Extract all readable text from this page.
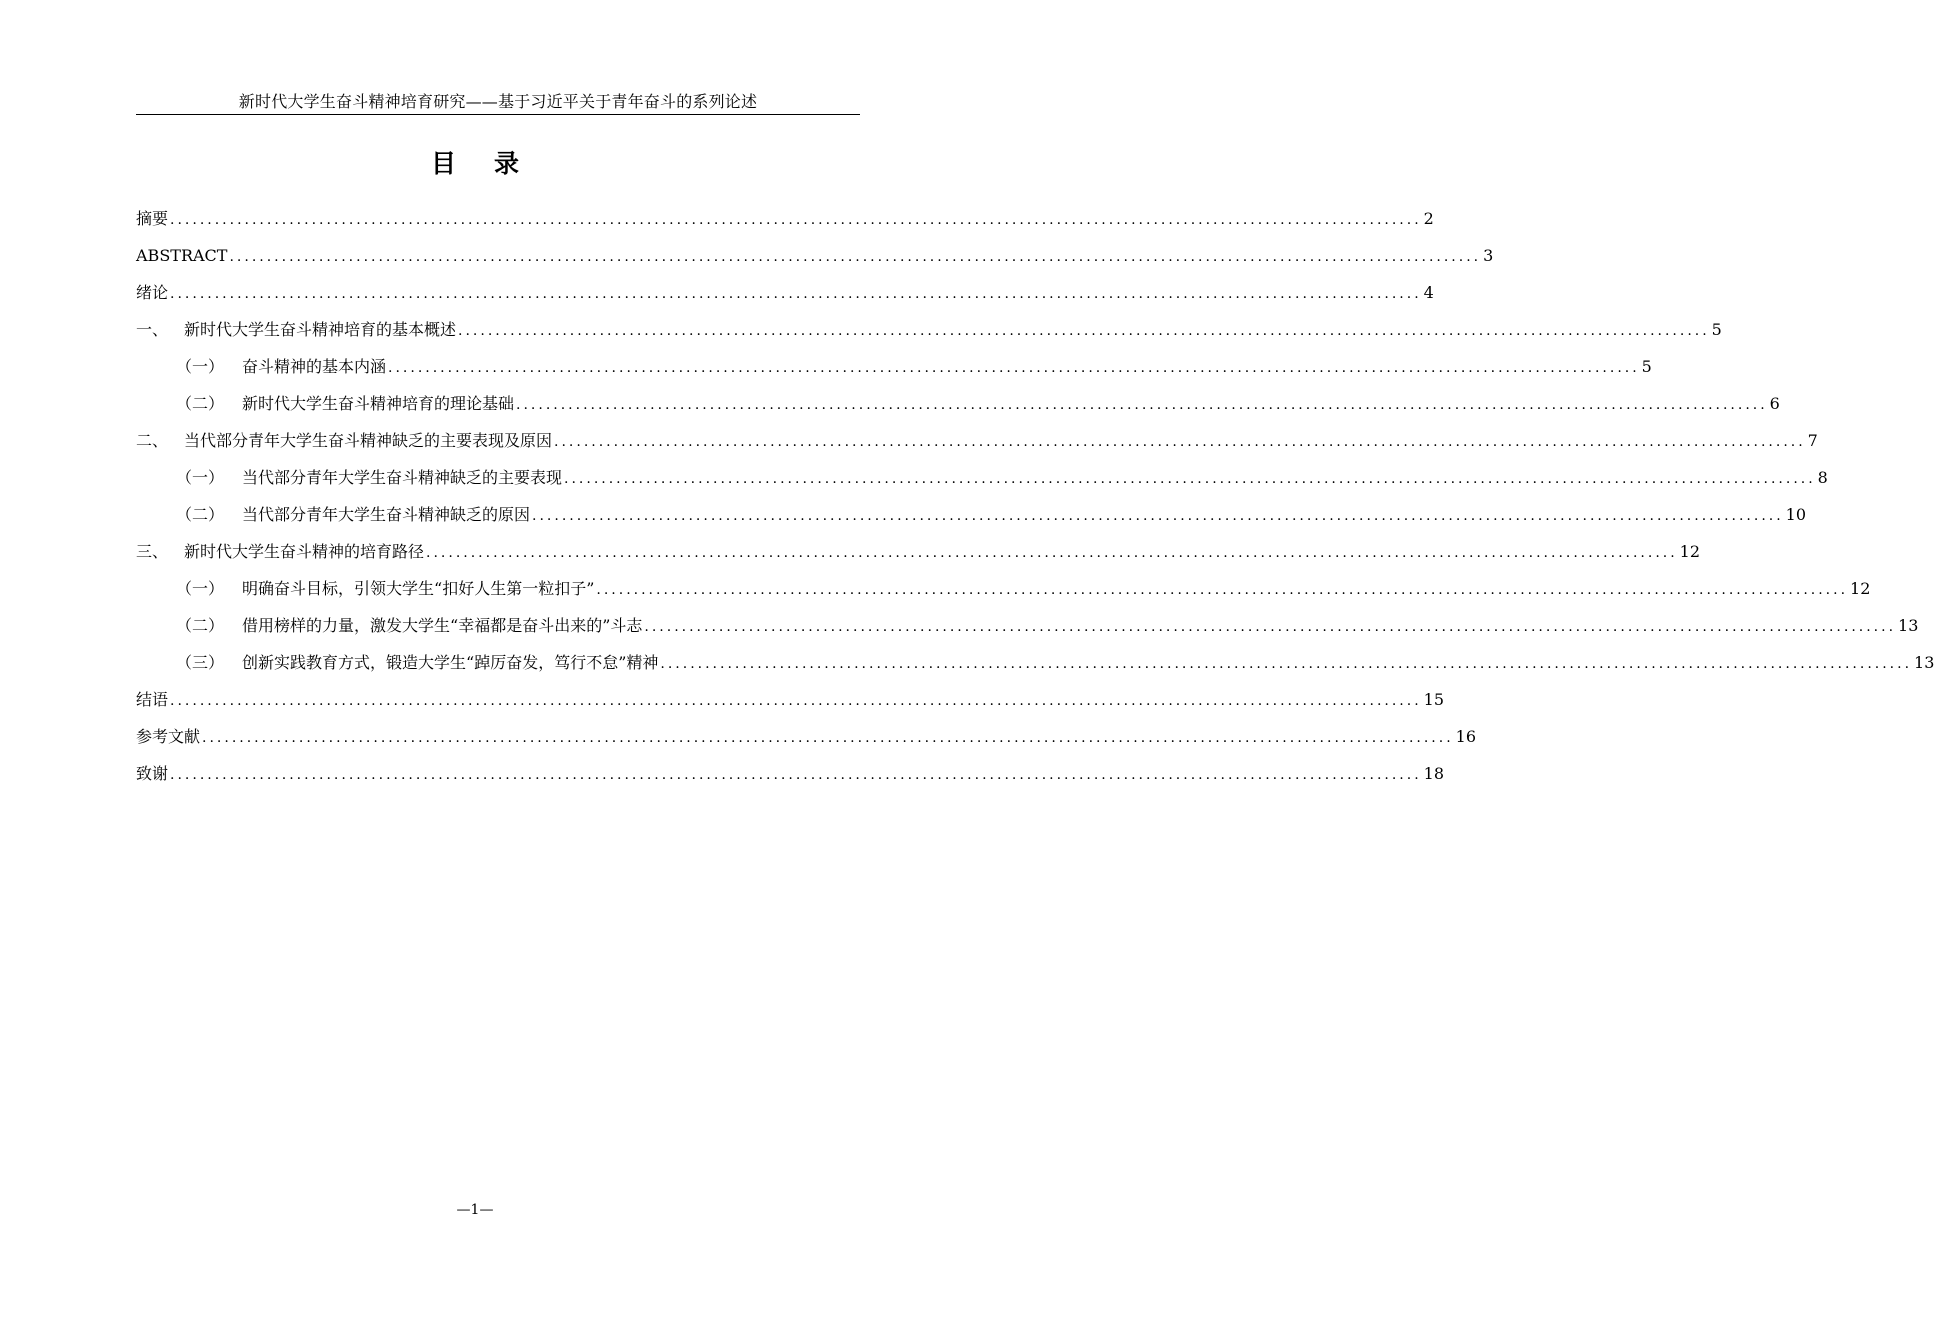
新时代大学生奋斗精神培育研究——基于习近平关于青年奋斗的系列论述
目录
摘要 .....	2
ABSTRACT .....	3
绪论 .....	4
一、 新时代大学生奋斗精神培育的基本概述 .....	5
（一） 奋斗精神的基本内涵 .....	5
（二） 新时代大学生奋斗精神培育的理论基础 .....	6
二、 当代部分青年大学生奋斗精神缺乏的主要表现及原因 .....	7
（一） 当代部分青年大学生奋斗精神缺乏的主要表现 .....	8
（二） 当代部分青年大学生奋斗精神缺乏的原因 .....	10
三、 新时代大学生奋斗精神的培育路径 .....	12
（一） 明确奋斗目标，引领大学生“扣好人生第一粒扣子” .....	12
（二） 借用榜样的力量，激发大学生“幸福都是奋斗出来的”斗志 .....	13
（三） 创新实践教育方式，锻造大学生“踔厉奋发，笃行不怠”精神 .....	13
结语 .....	15
参考文献 .....	16
致谢 .....	18
—1—
